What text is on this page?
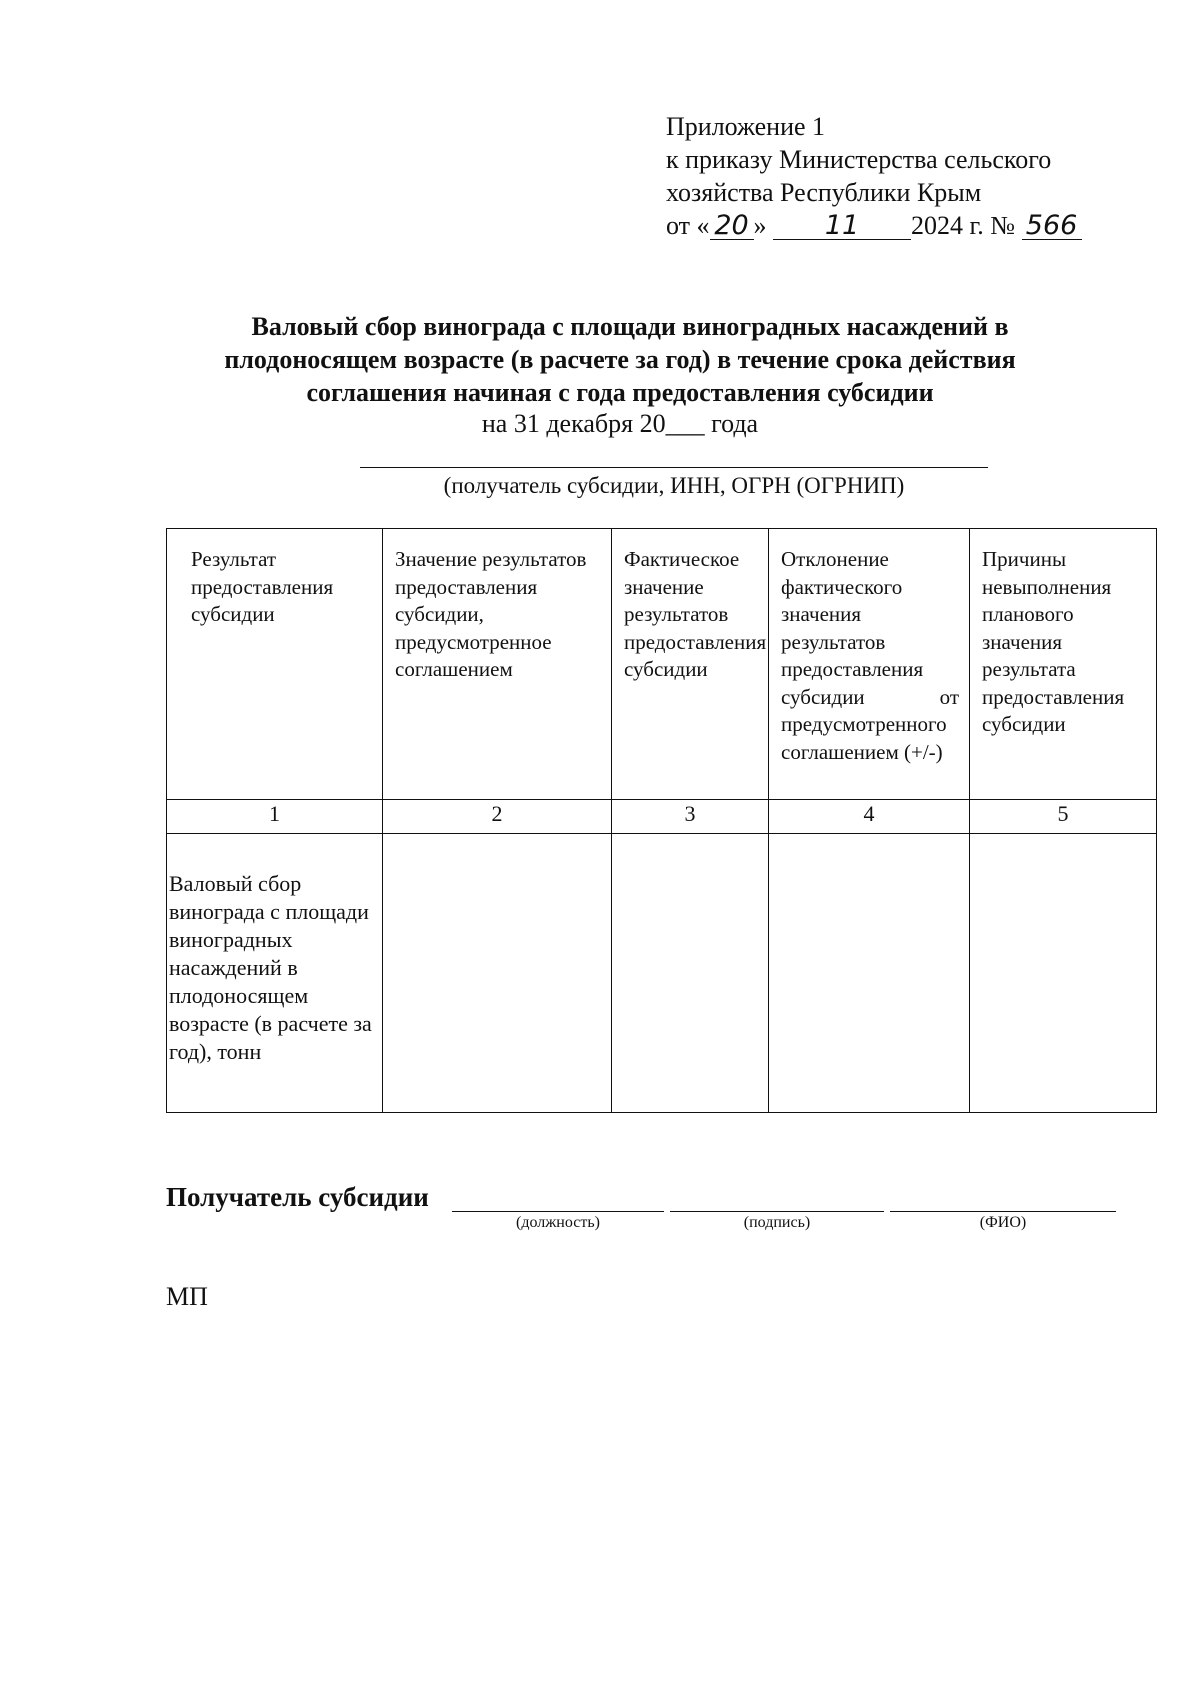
Приложение 1
к приказу Министерства сельского
хозяйства Республики Крым
от « 20 » 11 2024 г. № 566
Валовый сбор винограда с площади виноградных насаждений в
плодоносящем возрасте (в расчете за год) в течение срока действия
соглашения начиная с года предоставления субсидии
на 31 декабря 20___ года
(получатель субсидии, ИНН, ОГРН (ОГРНИП)
Результат предоставления субсидии	Значение результатов предоставления субсидии, предусмотренное соглашением	Фактическое значение результатов предоставления субсидии	Отклонение фактического значения результатов предоставления субсидии от предусмотренного соглашением (+/-)	Причины невыполнения планового значения результата предоставления субсидии

1	2	3	4	5

Валовый сбор винограда с площади виноградных насаждений в плодоносящем возрасте (в расчете за год), тонн				

Получатель субсидии
(должность)	(подпись)	(ФИО)
МП
